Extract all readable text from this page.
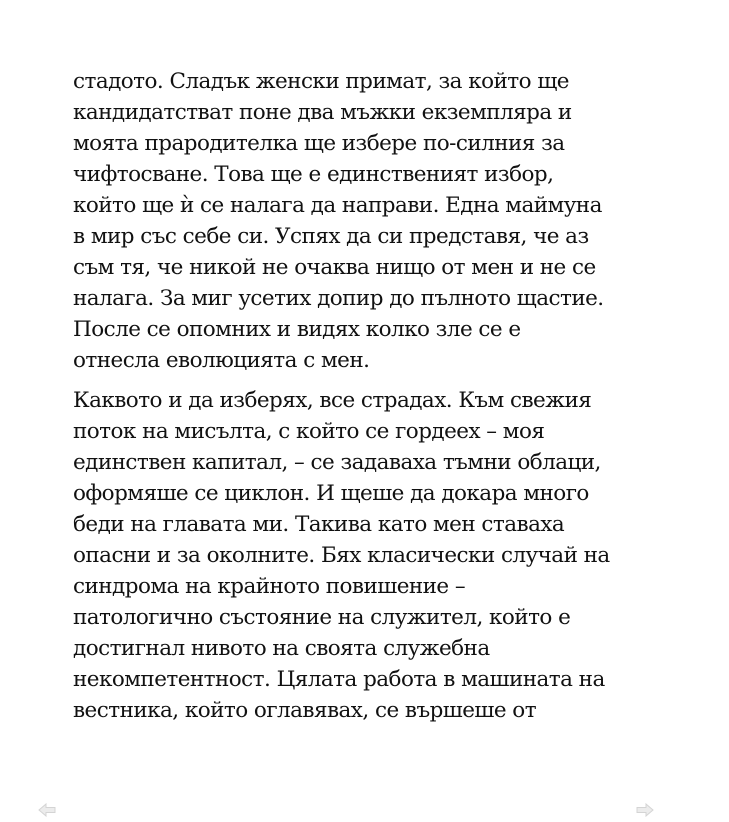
стадото. Сладък женски примат, за който ще
кандидатстват поне два мъжки екземпляра и
моята прародителка ще избере по-силния за
чифтосване. Това ще е единственият избор,
който ще ѝ се налага да направи. Една маймуна
в мир със себе си. Успях да си представя, че аз
съм тя, че никой не очаква нищо от мен и не се
налага. За миг усетих допир до пълното щастие.
После се опомних и видях колко зле се е
отнесла еволюцията с мен.

Каквото и да изберях, все страдах. Към свежия
поток на мисълта, с който се гордеех – моя
единствен капитал, – се задаваха тъмни облаци,
оформяше се циклон. И щеше да докара много
беди на главата ми. Такива като мен ставаха
опасни и за околните. Бях класически случай на
синдрома на крайното повишение –
патологично състояние на служител, който е
достигнал нивото на своята служебна
некомпетентност. Цялата работа в машината на
вестника, който оглавявах, се вършеше от
